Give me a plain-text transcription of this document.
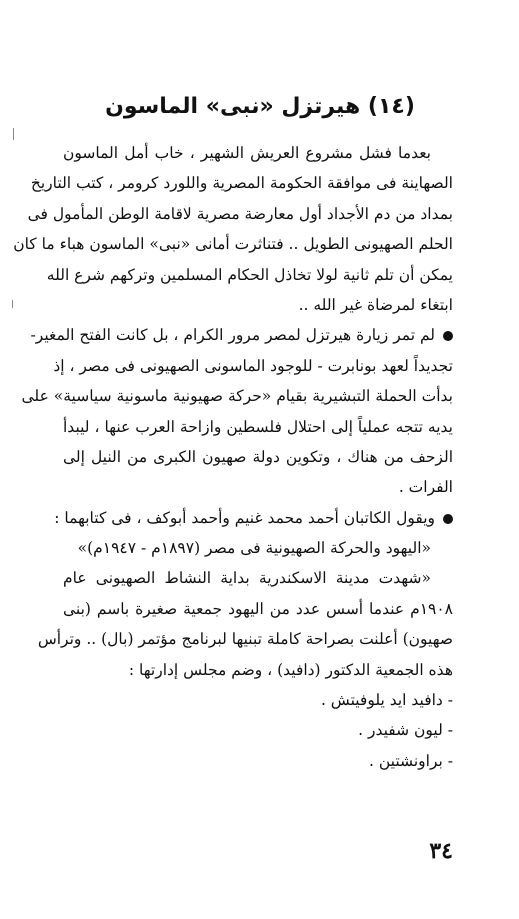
(١٤) هيرتزل «نبى» الماسون
بعدما فشل مشروع العريش الشهير ، خاب أمل الماسون
الصهاينة فى موافقة الحكومة المصرية واللورد كرومر ، كتب التاريخ
بمداد من دم الأجداد أول معارضة مصرية لاقامة الوطن المأمول فى
الحلم الصهيونى الطويل .. فتناثرت أمانى «نبى» الماسون هباء ما كان
يمكن أن تلم ثانية لولا تخاذل الحكام المسلمين وتركهم شرع الله
ابتغاء لمرضاة غير الله ..
لم تمر زيارة هيرتزل لمصر مرور الكرام ، بل كانت الفتح المغير-
تجديداً لعهد بونابرت - للوجود الماسونى الصهيونى فى مصر ، إذ
بدأت الحملة التبشيرية بقيام «حركة صهيونية ماسونية سياسية» على
يديه تتجه عملياً إلى احتلال فلسطين وازاحة العرب عنها ، ليبدأ
الزحف من هناك ، وتكوين دولة صهيون الكبرى من النيل إلى
الفرات .
ويقول الكاتبان أحمد محمد غنيم وأحمد أبوكف ، فى كتابهما :
«اليهود والحركة الصهيونية فى مصر (١٨٩٧م - ١٩٤٧م)»
«شهدت مدينة الاسكندرية بداية النشاط الصهيونى عام
١٩٠٨م عندما أسس عدد من اليهود جمعية صغيرة باسم (بنى
صهيون) أعلنت بصراحة كاملة تبنيها لبرنامج مؤتمر (بال) .. وترأس
هذه الجمعية الدكتور (دافيد) ، وضم مجلس إدارتها :
- دافيد ايد يلوفيتش .
- ليون شفيدر .
- براونشتين .
٣٤
